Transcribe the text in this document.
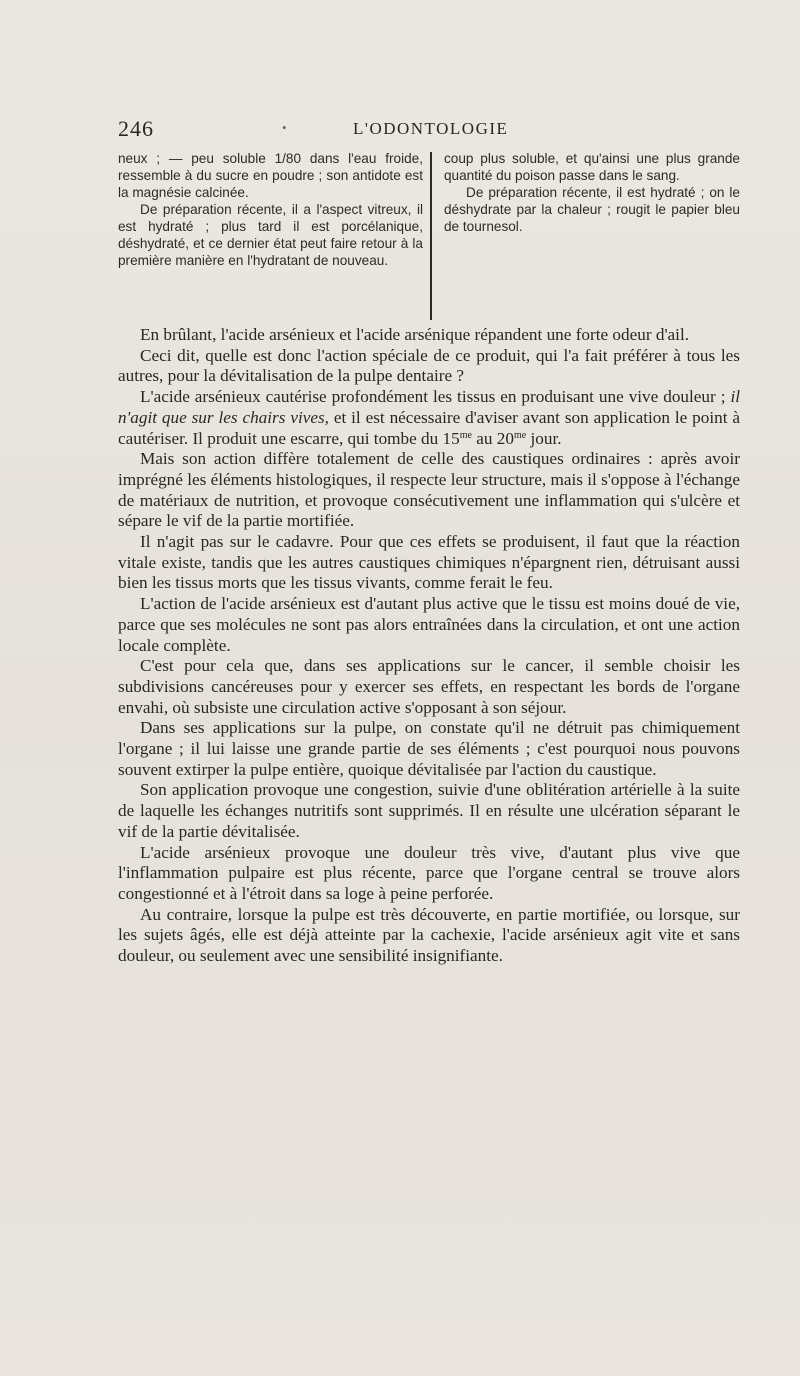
246	•	L'ODONTOLOGIE

neux ; — peu soluble 1/80 dans l'eau froide, ressemble à du sucre en poudre ; son antidote est la magnésie calcinée.

De préparation récente, il a l'aspect vitreux, il est hydraté ; plus tard il est porcélanique, déshydraté, et ce dernier état peut faire retour à la première manière en l'hydratant de nouveau.

coup plus soluble, et qu'ainsi une plus grande quantité du poison passe dans le sang.

De préparation récente, il est hydraté ; on le déshydrate par la chaleur ; rougit le papier bleu de tournesol.

En brûlant, l'acide arsénieux et l'acide arsénique répandent une forte odeur d'ail.

Ceci dit, quelle est donc l'action spéciale de ce produit, qui l'a fait préférer à tous les autres, pour la dévitalisation de la pulpe dentaire ?

L'acide arsénieux cautérise profondément les tissus en produisant une vive douleur ; il n'agit que sur les chairs vives, et il est nécessaire d'aviser avant son application le point à cautériser. Il produit une escarre, qui tombe du $15^{me}$ au $20^{me}$ jour.

Mais son action diffère totalement de celle des caustiques ordinaires : après avoir imprégné les éléments histologiques, il respecte leur structure, mais il s'oppose à l'échange de matériaux de nutrition, et provoque consécutivement une inflammation qui s'ulcère et sépare le vif de la partie mortifiée.

Il n'agit pas sur le cadavre. Pour que ces effets se produisent, il faut que la réaction vitale existe, tandis que les autres caustiques chimiques n'épargnent rien, détruisant aussi bien les tissus morts que les tissus vivants, comme ferait le feu.

L'action de l'acide arsénieux est d'autant plus active que le tissu est moins doué de vie, parce que ses molécules ne sont pas alors entraînées dans la circulation, et ont une action locale complète.

C'est pour cela que, dans ses applications sur le cancer, il semble choisir les subdivisions cancéreuses pour y exercer ses effets, en respectant les bords de l'organe envahi, où subsiste une circulation active s'opposant à son séjour.

Dans ses applications sur la pulpe, on constate qu'il ne détruit pas chimiquement l'organe ; il lui laisse une grande partie de ses éléments ; c'est pourquoi nous pouvons souvent extirper la pulpe entière, quoique dévitalisée par l'action du caustique.

Son application provoque une congestion, suivie d'une oblitération artérielle à la suite de laquelle les échanges nutritifs sont supprimés. Il en résulte une ulcération séparant le vif de la partie dévitalisée.

L'acide arsénieux provoque une douleur très vive, d'autant plus vive que l'inflammation pulpaire est plus récente, parce que l'organe central se trouve alors congestionné et à l'étroit dans sa loge à peine perforée.

Au contraire, lorsque la pulpe est très découverte, en partie mortifiée, ou lorsque, sur les sujets âgés, elle est déjà atteinte par la cachexie, l'acide arsénieux agit vite et sans douleur, ou seulement avec une sensibilité insignifiante.
